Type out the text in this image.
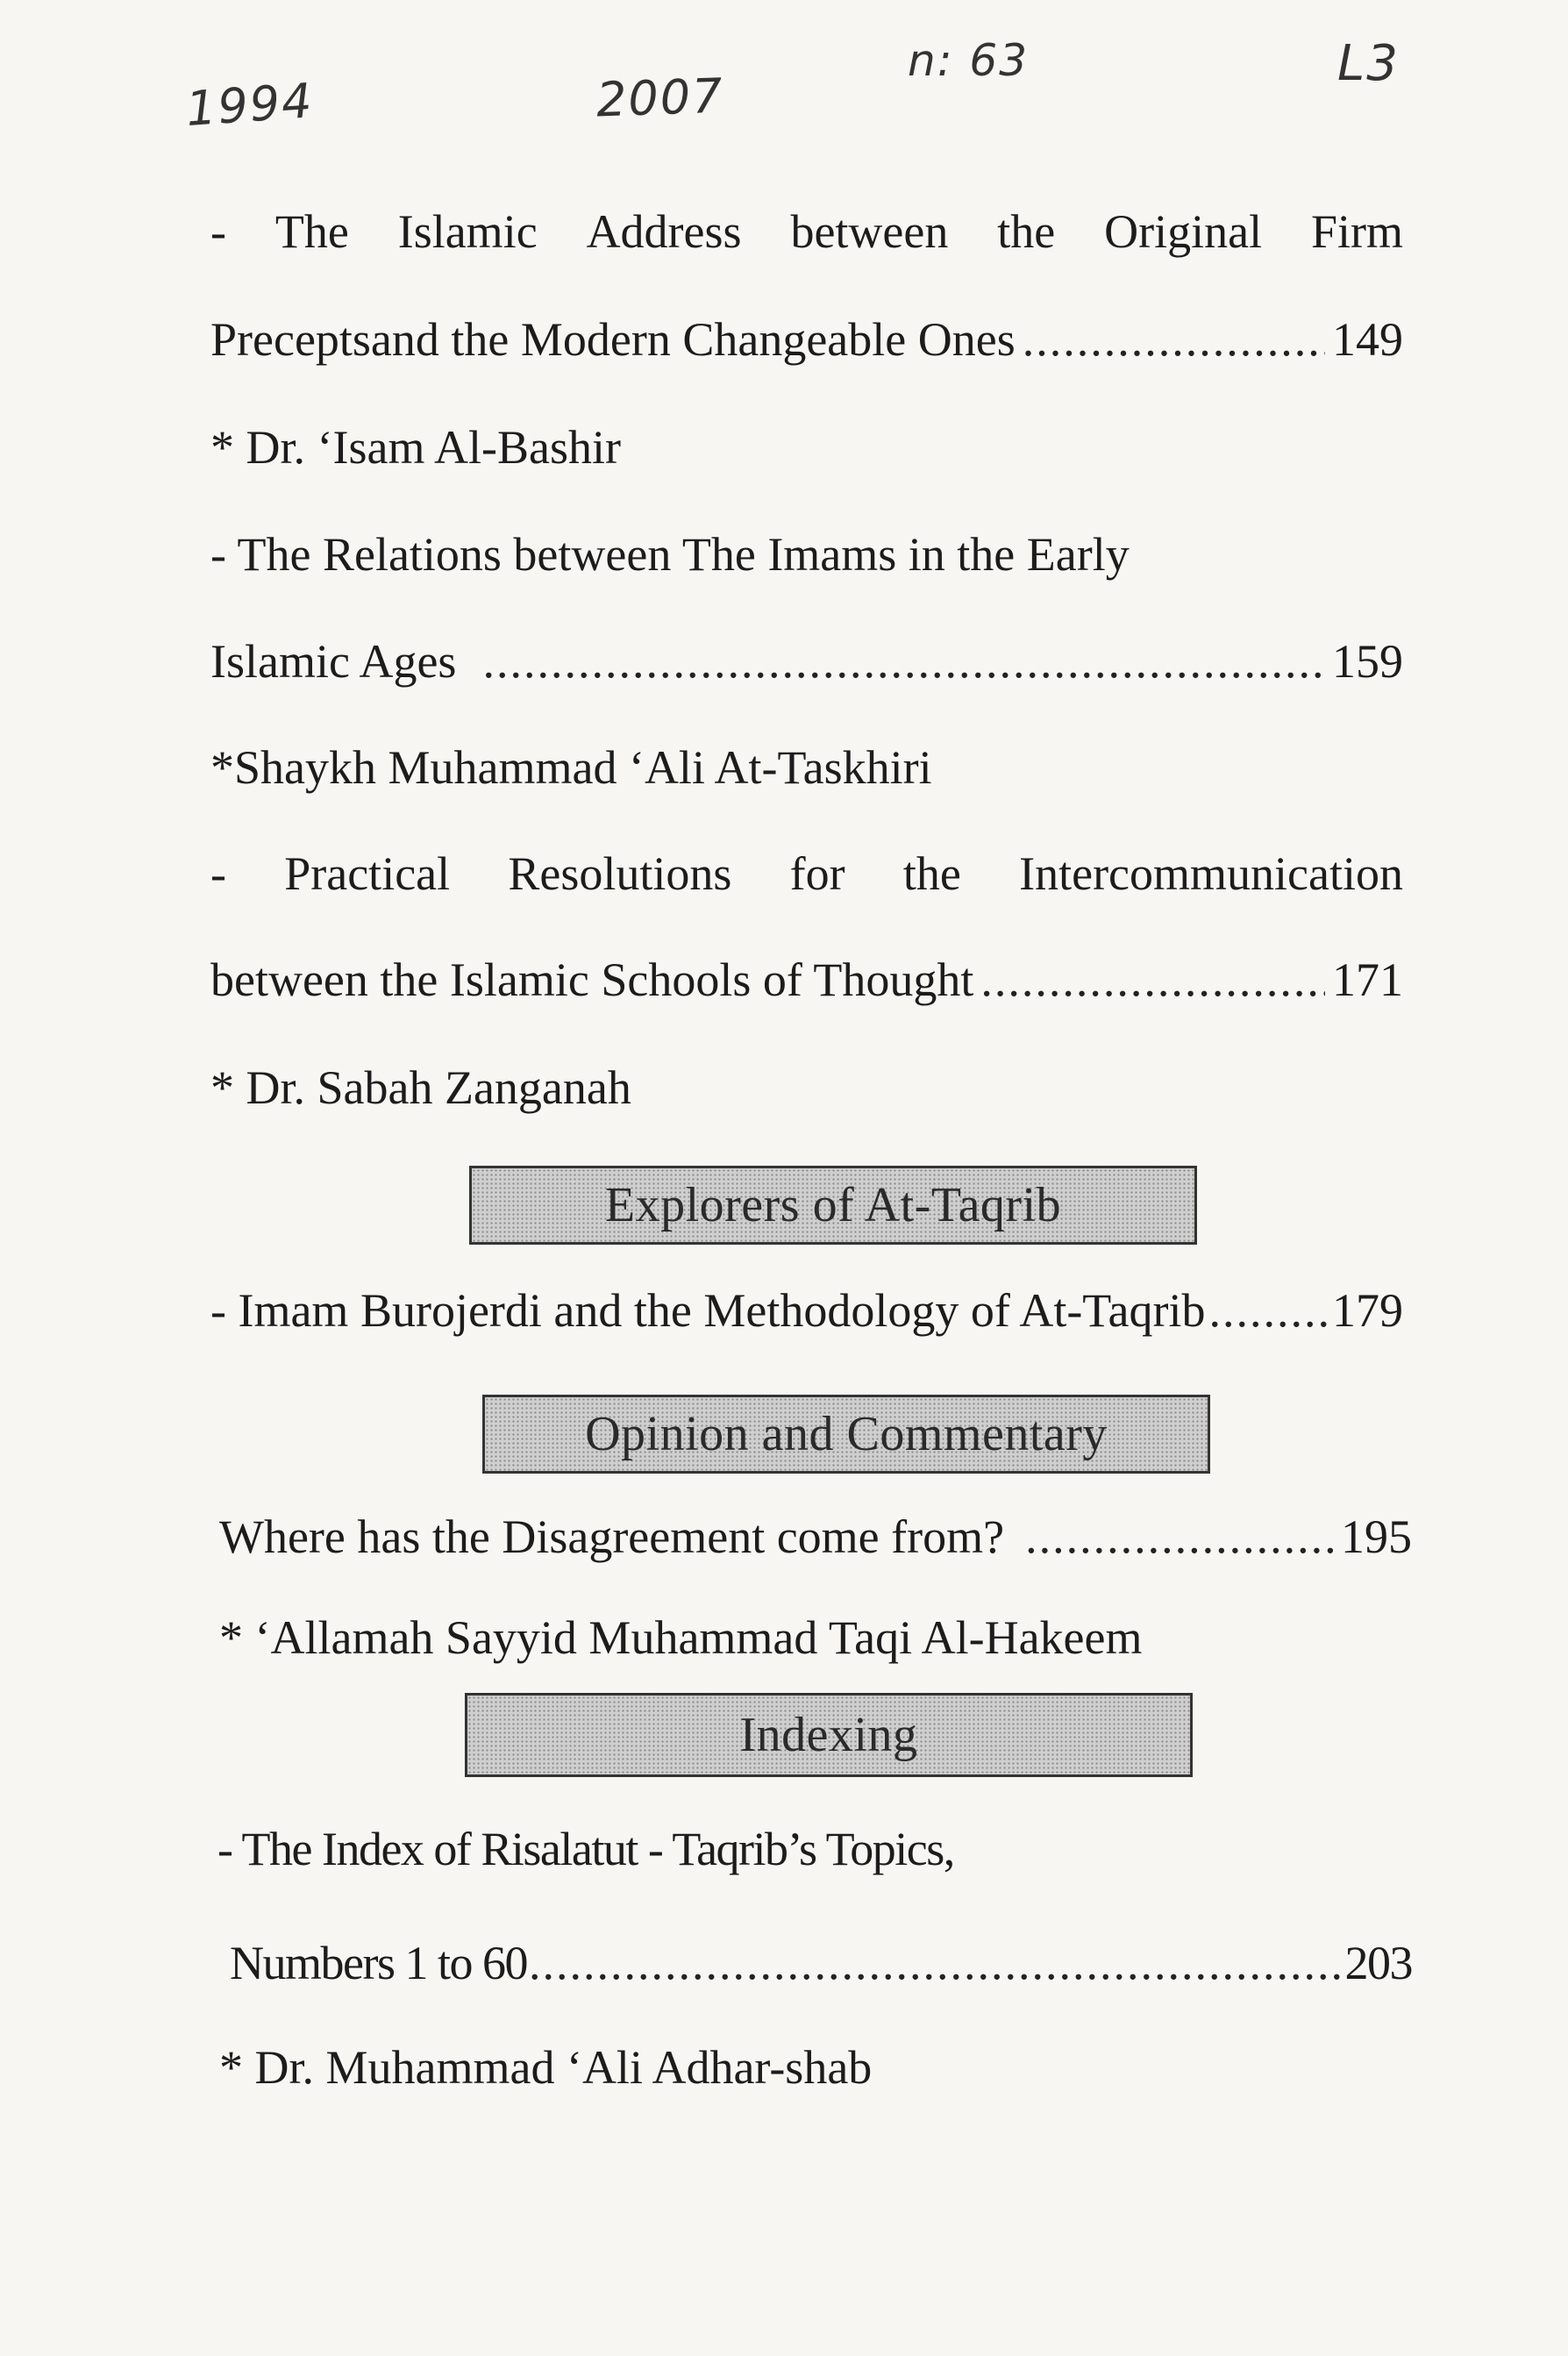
1994	2007
n: 63	L3
- The Islamic Address between the Original Firm
Preceptsand the Modern Changeable Ones .....	149
* Dr. ‘Isam Al-Bashir
- The Relations between The Imams in the Early
Islamic Ages .....	159
*Shaykh Muhammad ‘Ali At-Taskhiri
- Practical Resolutions for the Intercommunication
between the Islamic Schools of Thought .....	171
* Dr. Sabah Zanganah
Explorers of At-Taqrib
- Imam Burojerdi and the Methodology of At-Taqrib .....	179
Opinion and Commentary
Where has the Disagreement come from? .....	195
* ‘Allamah Sayyid Muhammad Taqi Al-Hakeem
Indexing
- The Index of Risalatut - Taqrib’s Topics,
Numbers 1 to 60 .....	203
* Dr. Muhammad ‘Ali Adhar-shab
